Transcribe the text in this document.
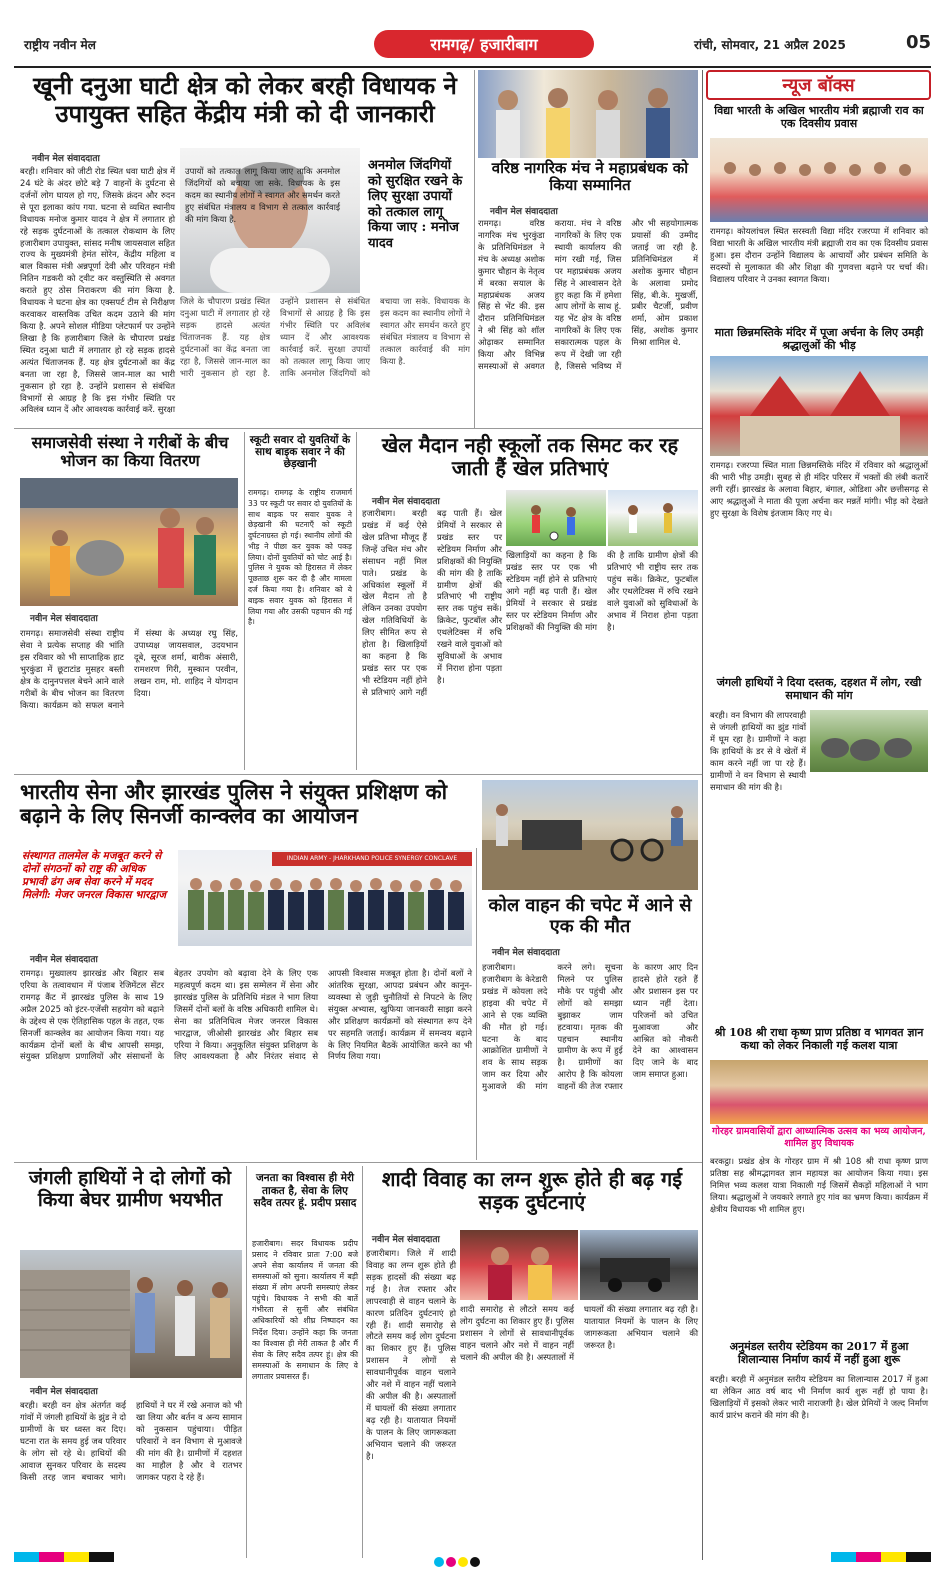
राष्ट्रीय नवीन मेल	रामगढ़/ हजारीबाग	रांची, सोमवार, 21 अप्रैल 2025	05
खूनी दनुआ घाटी क्षेत्र को लेकर बरही विधायक ने उपायुक्त सहित केंद्रीय मंत्री को दी जानकारी
नवीन मेल संवाददाता	अनमोल जिंदगियों को सुरक्षित रखने के लिए सुरक्षा उपायों को तत्काल लागू किया जाए : मनोज यादव
बरही। शनिवार को जीटी रोड स्थित धवा घाटी क्षेत्र में 24 घंटे के अंदर छोटे बड़े 7 वाहनों के दुर्घटना से दर्जनों लोग घायल हो गए, जिसके क्रंदन और रुदन से पूरा इलाका कांप गया. घटना से व्यथित स्थानीय विधायक मनोज कुमार यादव ने क्षेत्र में लगातार हो रहे सड़क दुर्घटनाओं के तत्काल रोकथाम के लिए हजारीबाग उपायुक्त, सांसद मनीष जायसवाल सहित राज्य के मुख्यमंत्री हेमंत सोरेन, केंद्रीय महिला व बाल विकास मंत्री अन्नपूर्णा देवी और परिवहन मंत्री नितिन गडकरी को ट्वीट कर वस्तुस्थिति से अवगत कराते हुए ठोस निराकरण की मांग किया है. विधायक ने घटना क्षेत्र का एक्सपर्ट टीम से निरीक्षण करवाकर वास्तविक उचित कदम उठाने की मांग किया है. अपने सोशल मीडिया प्लेटफार्म पर उन्होंने लिखा है कि हजारीबाग जिले के चौपारण प्रखंड स्थित दनुआ घाटी में लगातार हो रहे सड़क हादसे अत्यंत चिंताजनक हैं. यह क्षेत्र दुर्घटनाओं का केंद्र बनता जा रहा है, जिससे जान-माल का भारी नुकसान हो रहा है. उन्होंने प्रशासन से संबंधित विभागों से आग्रह है कि इस गंभीर स्थिति पर अविलंब ध्यान दें और आवश्यक कार्रवाई करें. सुरक्षा उपायों को तत्काल लागू किया जाए ताकि अनमोल जिंदगियों को बचाया जा सके. विधायक के इस कदम का स्थानीय लोगों ने स्वागत और समर्थन करते हुए संबंधित मंत्रालय व विभाग से तत्काल कार्रवाई की मांग किया है.
जिले के चौपारण प्रखंड स्थित दनुआ घाटी में लगातार हो रहे सड़क हादसे अत्यंत चिंताजनक हैं. यह क्षेत्र दुर्घटनाओं का केंद्र बनता जा रहा है, जिससे जान-माल का भारी नुकसान हो रहा है. उन्होंने प्रशासन से संबंधित विभागों से आग्रह है कि इस गंभीर स्थिति पर अविलंब ध्यान दें और आवश्यक कार्रवाई करें. सुरक्षा उपायों को तत्काल लागू किया जाए ताकि अनमोल जिंदगियों को बचाया जा सके. विधायक के इस कदम का स्थानीय लोगों ने स्वागत और समर्थन करते हुए संबंधित मंत्रालय व विभाग से तत्काल कार्रवाई की मांग किया है.
वरिष्ठ नागरिक मंच ने महाप्रबंधक को किया सम्मानित
नवीन मेल संवाददाता
रामगढ़। वरिष्ठ नागरिक मंच भुरकुंडा के प्रतिनिधिमंडल ने मंच के अध्यक्ष अशोक कुमार चौहान के नेतृत्व में बरका सयाल के महाप्रबंधक अजय सिंह से भेंट की. इस दौरान प्रतिनिधिमंडल ने श्री सिंह को शॉल ओढ़ाकर सम्मानित किया और विभिन्न समस्याओं से अवगत कराया. मंच ने वरिष्ठ नागरिकों के लिए एक स्थायी कार्यालय की मांग रखी गई, जिस पर महाप्रबंधक अजय सिंह ने आश्वासन देते हुए कहा कि में हमेशा आप लोगों के साथ हूं. यह भेंट क्षेत्र के वरिष्ठ नागरिकों के लिए एक सकारात्मक पहल के रूप में देखी जा रही है, जिससे भविष्य में और भी सहयोगात्मक प्रयासों की उम्मीद जताई जा रही है. प्रतिनिधिमंडल में अशोक कुमार चौहान के अलावा प्रमोद सिंह, बी.के. मुखर्जी, प्रबीर चैटर्जी, प्रवीण शर्मा, ओम प्रकाश सिंह, अशोक कुमार मिश्रा शामिल थे.
समाजसेवी संस्था ने गरीबों के बीच भोजन का किया वितरण
नवीन मेल संवाददाता
रामगढ़। समाजसेवी संस्था राष्ट्रीय सेवा ने प्रत्येक सप्ताह की भांति इस रविवार को भी साप्ताहिक हाट भुरकुंडा में छूटाटांड मुसहर बस्ती क्षेत्र के दानुनपत्तल बेचने आने वाले गरीबों के बीच भोजन का वितरण किया। कार्यक्रम को सफल बनाने में संस्था के अध्यक्ष रघु सिंह, उपाध्यक्ष जायसवाल, उदयभान दूबे, सूरज शर्मा, बारीक अंसारी, रामशरण गिरी, मुस्कान परवीन, लखन राम, मो. शाहिद ने योगदान दिया।
स्कूटी सवार दो युवतियों के साथ बाइक सवार ने की छेड़खानी
रामगढ़। रामगढ़ के राष्ट्रीय राजमार्ग 33 पर स्कूटी पर सवार दो युवतियों के साथ बाइक पर सवार युवक ने छेड़खानी की घटनाएँ को स्कूटी दुर्घटनाग्रस्त हो गई। स्थानीय लोगों की भीड़ ने पीछा कर युवक को पकड़ लिया। दोनों युवतियों को चोट आई है। पुलिस ने युवक को हिरासत में लेकर पूछताछ शुरू कर दी है और मामला दर्ज किया गया है। शनिवार को ये बाइक सवार युवक को हिरासत में लिया गया और उसकी पहचान की गई है।
खेल मैदान नही स्कूलों तक सिमट कर रह जाती हैं खेल प्रतिभाएं
नवीन मेल संवाददाता
हजारीबाग। बरही प्रखंड में कई ऐसे खेल प्रतिभा मौजूद हैं जिन्हें उचित मंच और संसाधन नहीं मिल पाते। प्रखंड के अधिकांश स्कूलों में खेल मैदान तो है लेकिन उनका उपयोग खेल गतिविधियों के लिए सीमित रूप से होता है। खिलाड़ियों का कहना है कि प्रखंड स्तर पर एक भी स्टेडियम नहीं होने से प्रतिभाएं आगे नहीं बढ़ पाती हैं। खेल प्रेमियों ने सरकार से प्रखंड स्तर पर स्टेडियम निर्माण और प्रशिक्षकों की नियुक्ति की मांग की है ताकि ग्रामीण क्षेत्रों की प्रतिभाएं भी राष्ट्रीय स्तर तक पहुंच सकें। क्रिकेट, फुटबॉल और एथलेटिक्स में रुचि रखने वाले युवाओं को सुविधाओं के अभाव में निराश होना पड़ता है।
खिलाड़ियों का कहना है कि प्रखंड स्तर पर एक भी स्टेडियम नहीं होने से प्रतिभाएं आगे नहीं बढ़ पाती हैं। खेल प्रेमियों ने सरकार से प्रखंड स्तर पर स्टेडियम निर्माण और प्रशिक्षकों की नियुक्ति की मांग की है ताकि ग्रामीण क्षेत्रों की प्रतिभाएं भी राष्ट्रीय स्तर तक पहुंच सकें। क्रिकेट, फुटबॉल और एथलेटिक्स में रुचि रखने वाले युवाओं को सुविधाओं के अभाव में निराश होना पड़ता है।
भारतीय सेना और झारखंड पुलिस ने संयुक्त प्रशिक्षण को बढ़ाने के लिए सिनर्जी कान्क्लेव का आयोजन
संस्थागत तालमेल के मजबूत करने से दोनों संगठनों को राष्ट्र की अधिक प्रभावी ढंग अब सेवा करने में मदद मिलेगी: मेजर जनरल विकास भारद्वाज
INDIAN ARMY - JHARKHAND POLICE SYNERGY CONCLAVE
नवीन मेल संवाददाता
रामगढ़। मुख्यालय झारखंड और बिहार सब एरिया के तत्वावधान में पंजाब रेजिमेंटल सेंटर रामगढ़ कैंट में झारखंड पुलिस के साथ 19 अप्रैल 2025 को इंटर-एजेंसी सहयोग को बढ़ाने के उद्देश्य से एक ऐतिहासिक पहल के तहत, एक सिनर्जी कान्क्लेव का आयोजन किया गया। यह कार्यक्रम दोनों बलों के बीच आपसी समझ, संयुक्त प्रशिक्षण प्रणालियों और संसाधनों के बेहतर उपयोग को बढ़ावा देने के लिए एक महत्वपूर्ण कदम था। इस सम्मेलन में सेना और झारखंड पुलिस के प्रतिनिधि मंडल ने भाग लिया जिसमें दोनों बलों के वरिष्ठ अधिकारी शामिल थे। सेना का प्रतिनिधित्व मेजर जनरल विकास भारद्वाज, जीओसी झारखंड और बिहार सब एरिया ने किया। अनुकूलित संयुक्त प्रशिक्षण के लिए आवश्यकता है और निरंतर संवाद से आपसी विश्वास मजबूत होता है। दोनों बलों ने आंतरिक सुरक्षा, आपदा प्रबंधन और कानून-व्यवस्था से जुड़ी चुनौतियों से निपटने के लिए संयुक्त अभ्यास, खुफिया जानकारी साझा करने और प्रशिक्षण कार्यक्रमों को संस्थागत रूप देने पर सहमति जताई। कार्यक्रम में समन्वय बढ़ाने के लिए नियमित बैठकें आयोजित करने का भी निर्णय लिया गया।
कोल वाहन की चपेट में आने से एक की मौत
नवीन मेल संवाददाता
हजारीबाग। हजारीबाग के केरेडारी प्रखंड में कोयला लदे हाइवा की चपेट में आने से एक व्यक्ति की मौत हो गई। घटना के बाद आक्रोशित ग्रामीणों ने शव के साथ सड़क जाम कर दिया और मुआवजे की मांग करने लगे। सूचना मिलने पर पुलिस मौके पर पहुंची और लोगों को समझा बुझाकर जाम हटवाया। मृतक की पहचान स्थानीय ग्रामीण के रूप में हुई है। ग्रामीणों का आरोप है कि कोयला वाहनों की तेज रफ्तार के कारण आए दिन हादसे होते रहते हैं और प्रशासन इस पर ध्यान नहीं देता। परिजनों को उचित मुआवजा और आश्रित को नौकरी देने का आश्वासन दिए जाने के बाद जाम समाप्त हुआ।
जंगली हाथियों ने दो लोगों को किया बेघर ग्रामीण भयभीत
नवीन मेल संवाददाता
बरही। बरही वन क्षेत्र अंतर्गत कई गांवों में जंगली हाथियों के झुंड ने दो ग्रामीणों के घर ध्वस्त कर दिए। घटना रात के समय हुई जब परिवार के लोग सो रहे थे। हाथियों की आवाज सुनकर परिवार के सदस्य किसी तरह जान बचाकर भागे। हाथियों ने घर में रखे अनाज को भी खा लिया और बर्तन व अन्य सामान को नुकसान पहुंचाया। पीड़ित परिवारों ने वन विभाग से मुआवजे की मांग की है। ग्रामीणों में दहशत का माहौल है और वे रातभर जागकर पहरा दे रहे हैं।
जनता का विश्वास ही मेरी ताकत है, सेवा के लिए सदैव तत्पर हूं. प्रदीप प्रसाद
हजारीबाग। सदर विधायक प्रदीप प्रसाद ने रविवार प्रातः 7:00 बजे अपने सेवा कार्यालय में जनता की समस्याओं को सुना। कार्यालय में बड़ी संख्या में लोग अपनी समस्याएं लेकर पहुंचे। विधायक ने सभी की बातें गंभीरता से सुनीं और संबंधित अधिकारियों को शीघ्र निष्पादन का निर्देश दिया। उन्होंने कहा कि जनता का विश्वास ही मेरी ताकत है और मैं सेवा के लिए सदैव तत्पर हूं। क्षेत्र की समस्याओं के समाधान के लिए वे लगातार प्रयासरत हैं।
शादी विवाह का लग्न शुरू होते ही बढ़ गई सड़क दुर्घटनाएं
नवीन मेल संवाददाता
हजारीबाग। जिले में शादी विवाह का लग्न शुरू होते ही सड़क हादसों की संख्या बढ़ गई है। तेज रफ्तार और लापरवाही से वाहन चलाने के कारण प्रतिदिन दुर्घटनाएं हो रही हैं। शादी समारोह से लौटते समय कई लोग दुर्घटना का शिकार हुए हैं। पुलिस प्रशासन ने लोगों से सावधानीपूर्वक वाहन चलाने और नशे में वाहन नहीं चलाने की अपील की है। अस्पतालों में घायलों की संख्या लगातार बढ़ रही है। यातायात नियमों के पालन के लिए जागरूकता अभियान चलाने की जरूरत है।
शादी समारोह से लौटते समय कई लोग दुर्घटना का शिकार हुए हैं। पुलिस प्रशासन ने लोगों से सावधानीपूर्वक वाहन चलाने और नशे में वाहन नहीं चलाने की अपील की है। अस्पतालों में घायलों की संख्या लगातार बढ़ रही है। यातायात नियमों के पालन के लिए जागरूकता अभियान चलाने की जरूरत है।
न्यूज बॉक्स
विद्या भारती के अखिल भारतीय मंत्री ब्रह्माजी राव का एक दिवसीय प्रवास
रामगढ़। कोयलांचल स्थित सरस्वती विद्या मंदिर रजरप्पा में शनिवार को विद्या भारती के अखिल भारतीय मंत्री ब्रह्माजी राव का एक दिवसीय प्रवास हुआ। इस दौरान उन्होंने विद्यालय के आचार्यों और प्रबंधन समिति के सदस्यों से मुलाकात की और शिक्षा की गुणवत्ता बढ़ाने पर चर्चा की। विद्यालय परिवार ने उनका स्वागत किया।
माता छिन्नमस्तिके मंदिर में पूजा अर्चना के लिए उमड़ी श्रद्धालुओं की भीड़
रामगढ़। रजरप्पा स्थित माता छिन्नमस्तिके मंदिर में रविवार को श्रद्धालुओं की भारी भीड़ उमड़ी। सुबह से ही मंदिर परिसर में भक्तों की लंबी कतारें लगी रहीं। झारखंड के अलावा बिहार, बंगाल, ओडिशा और छत्तीसगढ़ से आए श्रद्धालुओं ने माता की पूजा अर्चना कर मन्नतें मांगी। भीड़ को देखते हुए सुरक्षा के विशेष इंतजाम किए गए थे।
जंगली हाथियों ने दिया दस्तक, दहशत में लोग, रखी समाधान की मांग
बरही। वन विभाग की लापरवाही से जंगली हाथियों का झुंड गांवों में घूम रहा है। ग्रामीणों ने कहा कि हाथियों के डर से वे खेतों में काम करने नहीं जा पा रहे हैं। ग्रामीणों ने वन विभाग से स्थायी समाधान की मांग की है।
श्री 108 श्री राधा कृष्ण प्राण प्रतिष्ठा व भागवत ज्ञान कथा को लेकर निकाली गई कलश यात्रा
गोरहर ग्रामवासियों द्वारा आध्यात्मिक उत्सव का भव्य आयोजन, शामिल हुए विधायक
बरकट्ठा। प्रखंड क्षेत्र के गोरहर ग्राम में श्री 108 श्री राधा कृष्ण प्राण प्रतिष्ठा सह श्रीमद्भागवत ज्ञान महायज्ञ का आयोजन किया गया। इस निमित्त भव्य कलश यात्रा निकाली गई जिसमें सैकड़ों महिलाओं ने भाग लिया। श्रद्धालुओं ने जयकारे लगाते हुए गांव का भ्रमण किया। कार्यक्रम में क्षेत्रीय विधायक भी शामिल हुए।
अनुमंडल स्तरीय स्टेडियम का 2017 में हुआ शिलान्यास निर्माण कार्य में नहीं हुआ शुरू
बरही। बरही में अनुमंडल स्तरीय स्टेडियम का शिलान्यास 2017 में हुआ था लेकिन आठ वर्ष बाद भी निर्माण कार्य शुरू नहीं हो पाया है। खिलाड़ियों में इसको लेकर भारी नाराजगी है। खेल प्रेमियों ने जल्द निर्माण कार्य प्रारंभ कराने की मांग की है।
